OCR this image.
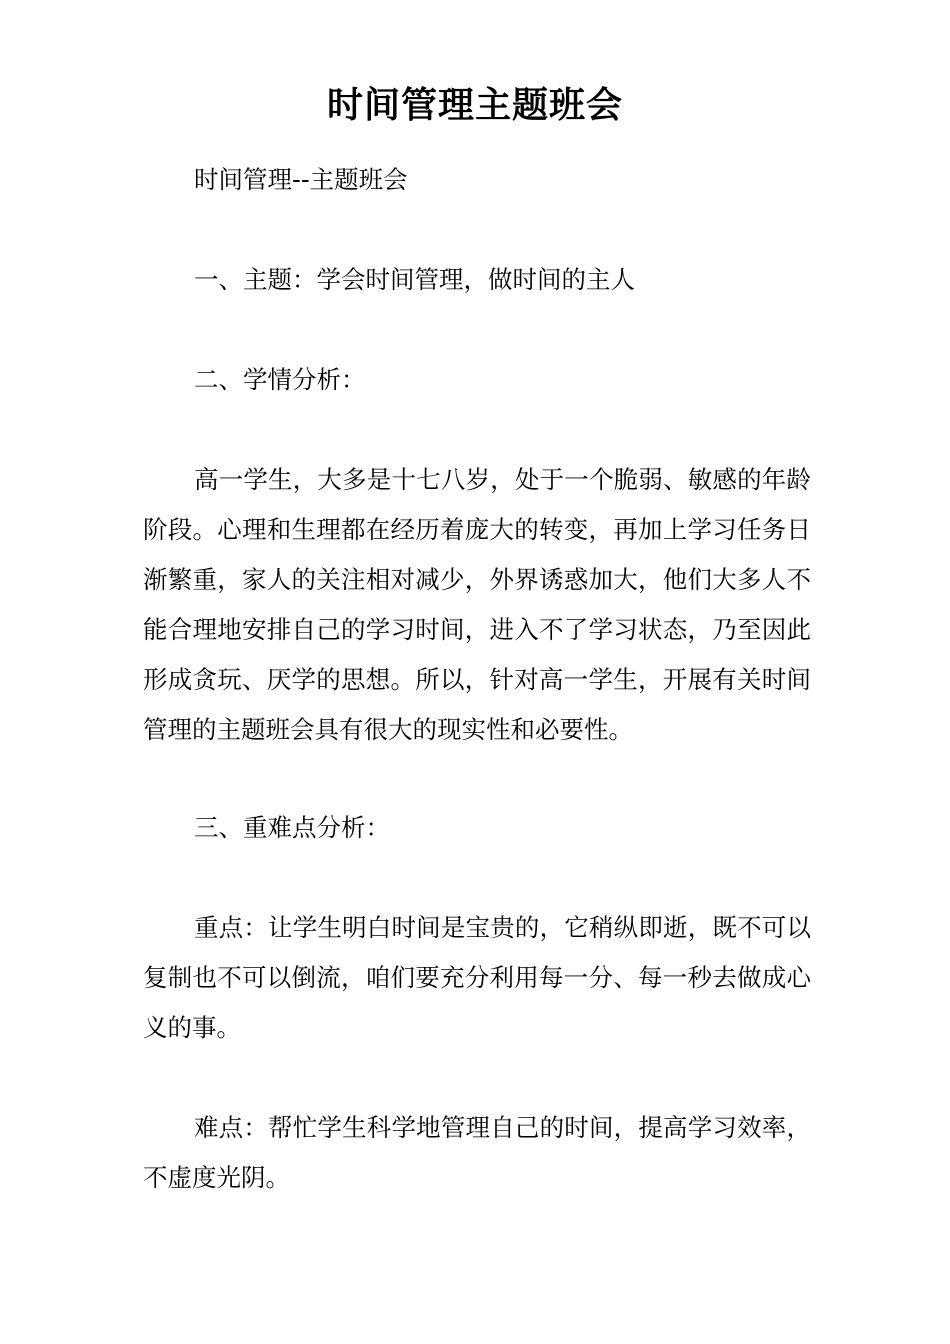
时间管理主题班会

时间管理--主题班会

一、主题：学会时间管理，做时间的主人

二、学情分析：

高一学生，大多是十七八岁，处于一个脆弱、敏感的年龄阶段。心理和生理都在经历着庞大的转变，再加上学习任务日渐繁重，家人的关注相对减少，外界诱惑加大，他们大多人不能合理地安排自己的学习时间，进入不了学习状态，乃至因此形成贪玩、厌学的思想。所以，针对高一学生，开展有关时间管理的主题班会具有很大的现实性和必要性。

三、重难点分析：

重点：让学生明白时间是宝贵的，它稍纵即逝，既不可以复制也不可以倒流，咱们要充分利用每一分、每一秒去做成心义的事。

难点：帮忙学生科学地管理自己的时间，提高学习效率，不虚度光阴。
